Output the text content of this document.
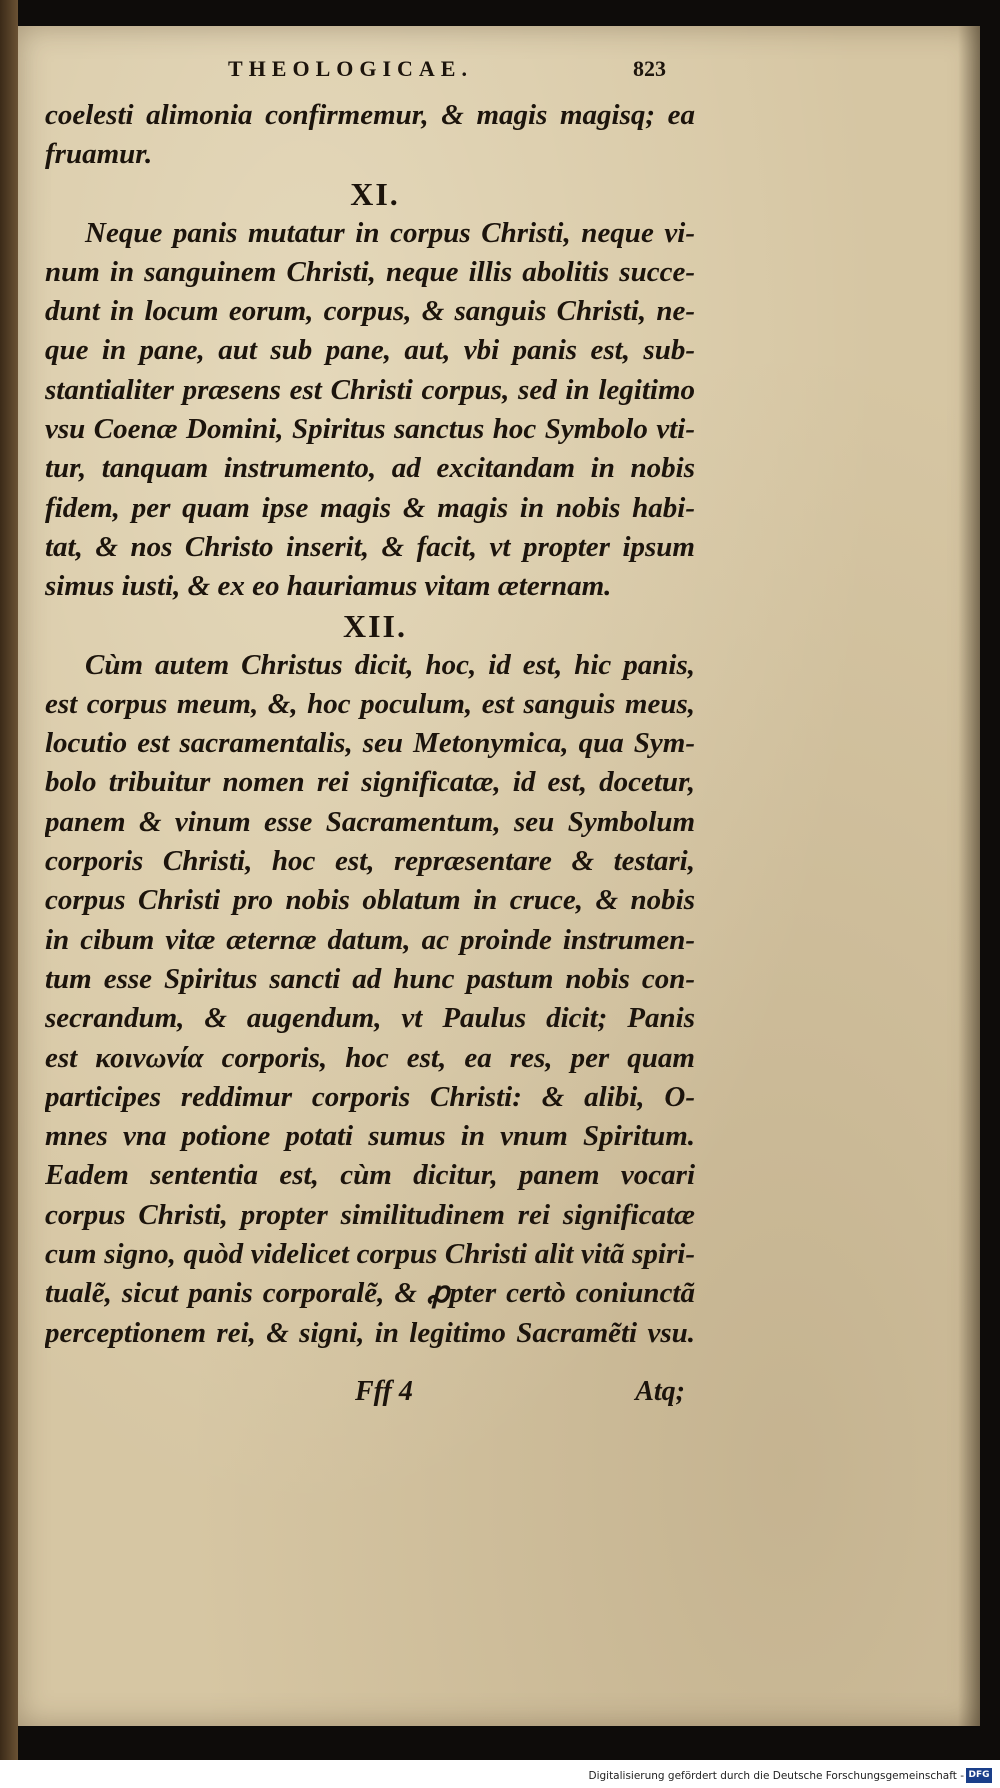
THEOLOGICAE.	823

coelesti alimonia confirmemur, & magis magisq; ea
fruamur.

XI.

Neque panis mutatur in corpus Christi, neque vi-
num in sanguinem Christi, neque illis abolitis succe-
dunt in locum eorum, corpus, & sanguis Christi, ne-
que in pane, aut sub pane, aut, vbi panis est, sub-
stantialiter præsens est Christi corpus, sed in legitimo
vsu Coenæ Domini, Spiritus sanctus hoc Symbolo vti-
tur, tanquam instrumento, ad excitandam in nobis
fidem, per quam ipse magis & magis in nobis habi-
tat, & nos Christo inserit, & facit, vt propter ipsum
simus iusti, & ex eo hauriamus vitam æternam.

XII.

Cùm autem Christus dicit, hoc, id est, hic panis,
est corpus meum, &, hoc poculum, est sanguis meus,
locutio est sacramentalis, seu Metonymica, qua Sym-
bolo tribuitur nomen rei significatæ, id est, docetur,
panem & vinum esse Sacramentum, seu Symbolum
corporis Christi, hoc est, repræsentare & testari,
corpus Christi pro nobis oblatum in cruce, & nobis
in cibum vitæ æternæ datum, ac proinde instrumen-
tum esse Spiritus sancti ad hunc pastum nobis con-
secrandum, & augendum, vt Paulus dicit; Panis
est κοινωνία corporis, hoc est, ea res, per quam
participes reddimur corporis Christi: & alibi, O-
mnes vna potione potati sumus in vnum Spiritum.
Eadem sententia est, cùm dicitur, panem vocari
corpus Christi, propter similitudinem rei significatæ
cum signo, quòd videlicet corpus Christi alit vitã spiri-
tualẽ, sicut panis corporalẽ, & ꝓpter certò coniunctã
perceptionem rei, & signi, in legitimo Sacramẽti vsu.

Fff 4	Atq;
Digitalisierung gefördert durch die Deutsche Forschungsgemeinschaft - DFG
